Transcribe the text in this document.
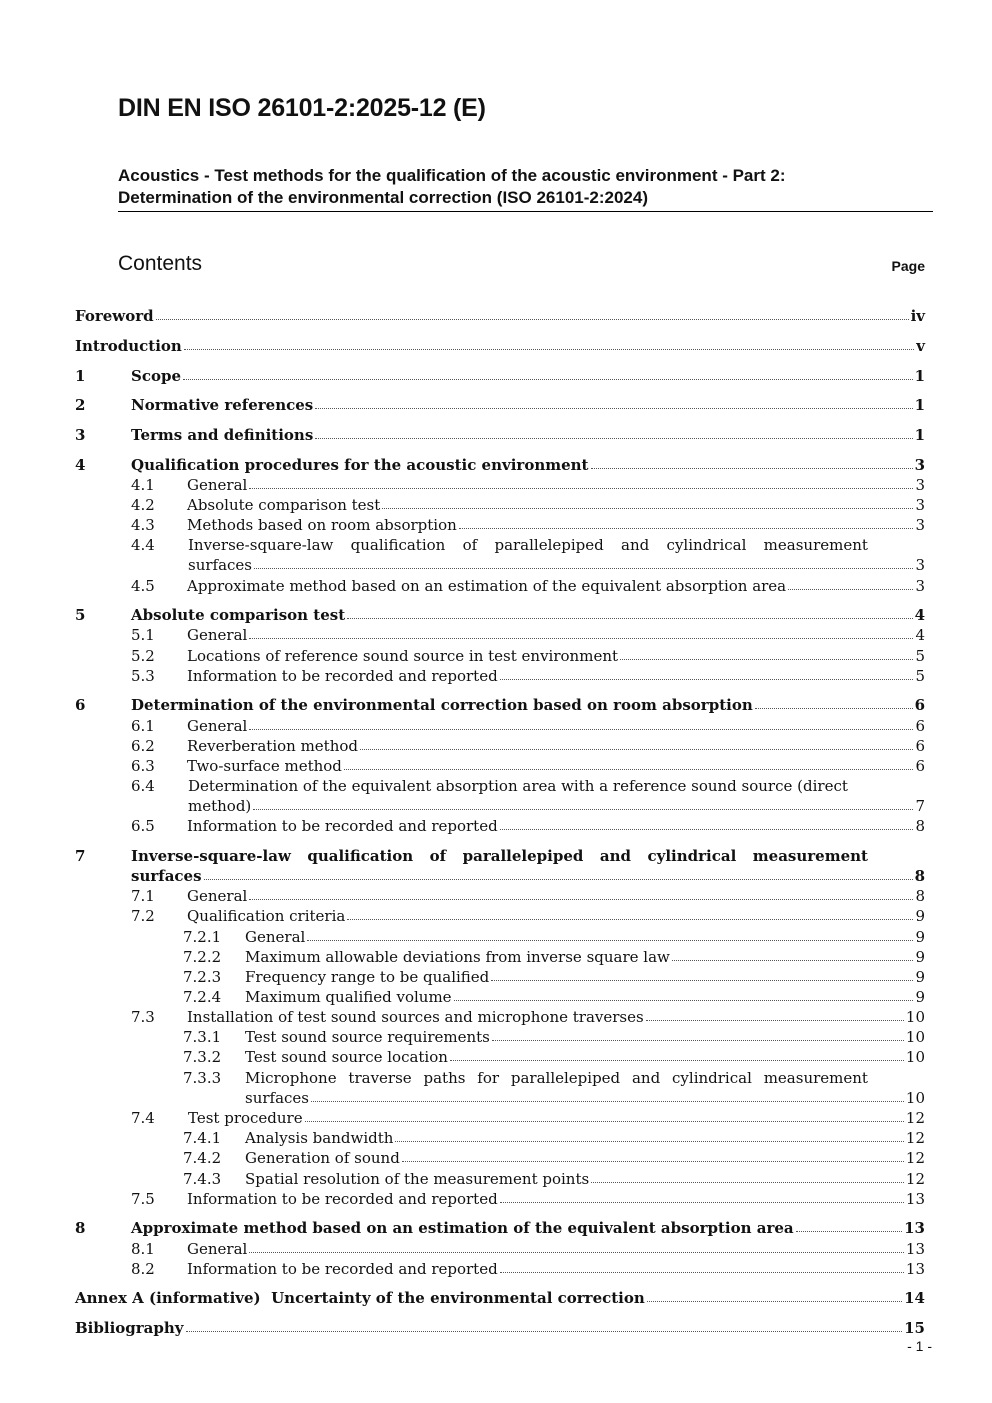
DIN EN ISO 26101-2:2025-12 (E)
Acoustics - Test methods for the qualification of the acoustic environment - Part 2:
Determination of the environmental correction (ISO 26101-2:2024)
Contents	Page
Foreword	iv
Introduction	v
1	Scope	1
2	Normative references	1
3	Terms and definitions	1
4	Qualification procedures for the acoustic environment	3
4.1	General	3
4.2	Absolute comparison test	3
4.3	Methods based on room absorption	3
4.4 Inverse-square-law qualification of parallelepiped and cylindrical measurement
surfaces	3
4.5	Approximate method based on an estimation of the equivalent absorption area	3
5	Absolute comparison test	4
5.1	General	4
5.2	Locations of reference sound source in test environment	5
5.3	Information to be recorded and reported	5
6	Determination of the environmental correction based on room absorption	6
6.1	General	6
6.2	Reverberation method	6
6.3	Two-surface method	6
6.4 Determination of the equivalent absorption area with a reference sound source (direct
method)	7
6.5	Information to be recorded and reported	8
7	Inverse-square-law qualification of parallelepiped and cylindrical measurement
surfaces	8
7.1	General	8
7.2	Qualification criteria	9
7.2.1	General	9
7.2.2	Maximum allowable deviations from inverse square law	9
7.2.3	Frequency range to be qualified	9
7.2.4	Maximum qualified volume	9
7.3	Installation of test sound sources and microphone traverses	10
7.3.1	Test sound source requirements	10
7.3.2	Test sound source location	10
7.3.3 Microphone traverse paths for parallelepiped and cylindrical measurement
surfaces	10
7.4	Test procedure	12
7.4.1	Analysis bandwidth	12
7.4.2	Generation of sound	12
7.4.3	Spatial resolution of the measurement points	12
7.5	Information to be recorded and reported	13
8	Approximate method based on an estimation of the equivalent absorption area	13
8.1	General	13
8.2	Information to be recorded and reported	13
Annex A (informative)  Uncertainty of the environmental correction	14
Bibliography	15
- 1 -
